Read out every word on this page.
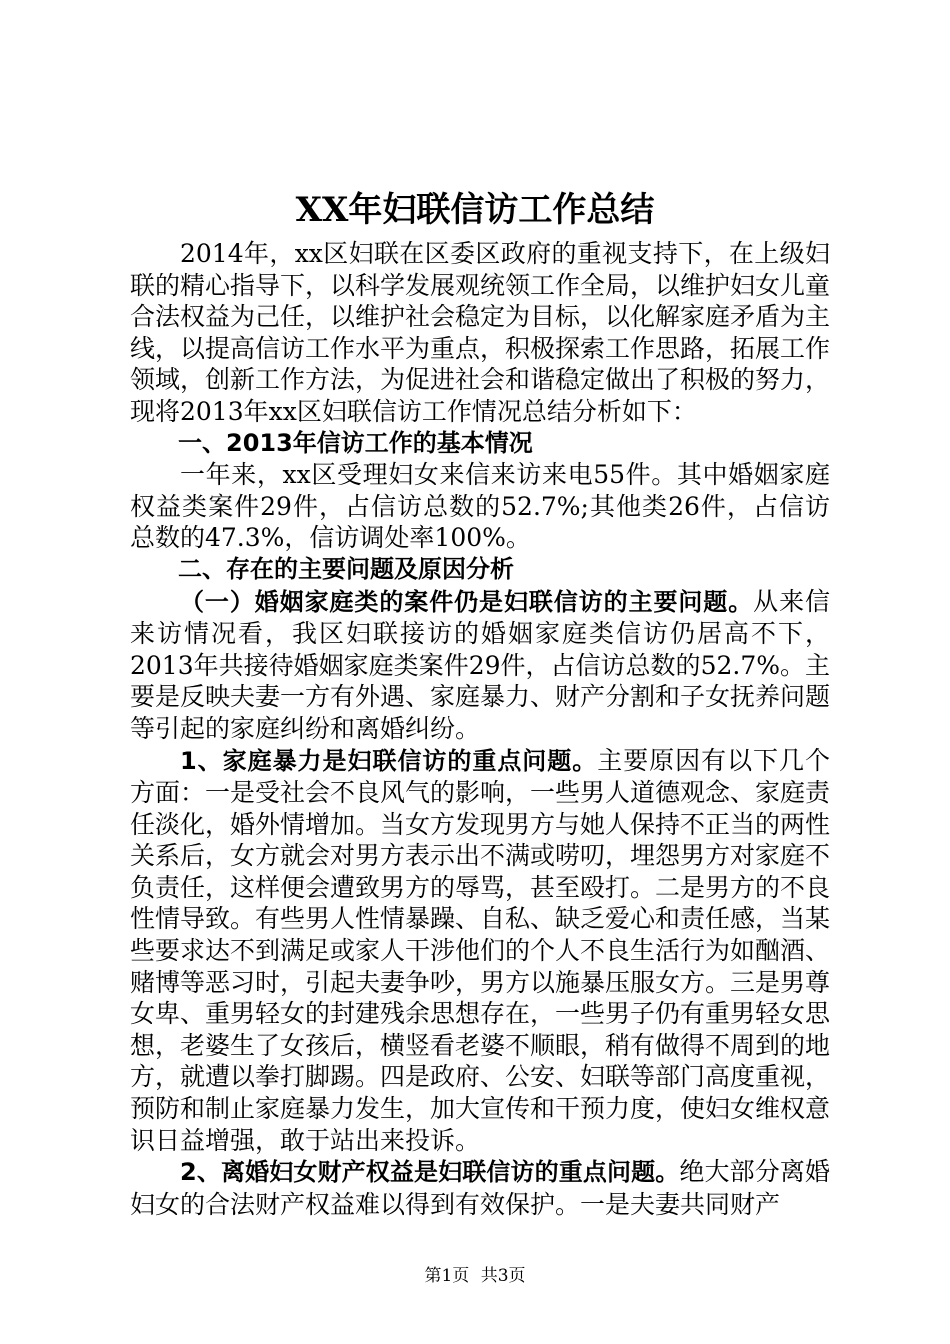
XX年妇联信访工作总结

2014年，xx区妇联在区委区政府的重视支持下，在上级妇联的精心指导下，以科学发展观统领工作全局，以维护妇女儿童合法权益为己任，以维护社会稳定为目标，以化解家庭矛盾为主线，以提高信访工作水平为重点，积极探索工作思路，拓展工作领域，创新工作方法，为促进社会和谐稳定做出了积极的努力，现将2013年xx区妇联信访工作情况总结分析如下：

一、2013年信访工作的基本情况

一年来，xx区受理妇女来信来访来电55件。其中婚姻家庭权益类案件29件，占信访总数的52.7%;其他类26件，占信访总数的47.3%，信访调处率100%。

二、存在的主要问题及原因分析

（一）婚姻家庭类的案件仍是妇联信访的主要问题。从来信来访情况看，我区妇联接访的婚姻家庭类信访仍居高不下，2013年共接待婚姻家庭类案件29件，占信访总数的52.7%。主要是反映夫妻一方有外遇、家庭暴力、财产分割和子女抚养问题等引起的家庭纠纷和离婚纠纷。

1、家庭暴力是妇联信访的重点问题。主要原因有以下几个方面：一是受社会不良风气的影响，一些男人道德观念、家庭责任淡化，婚外情增加。当女方发现男方与她人保持不正当的两性关系后，女方就会对男方表示出不满或唠叨，埋怨男方对家庭不负责任，这样便会遭致男方的辱骂，甚至殴打。二是男方的不良性情导致。有些男人性情暴躁、自私、缺乏爱心和责任感，当某些要求达不到满足或家人干涉他们的个人不良生活行为如酗酒、赌博等恶习时，引起夫妻争吵，男方以施暴压服女方。三是男尊女卑、重男轻女的封建残余思想存在，一些男子仍有重男轻女思想，老婆生了女孩后，横竖看老婆不顺眼，稍有做得不周到的地方，就遭以拳打脚踢。四是政府、公安、妇联等部门高度重视，预防和制止家庭暴力发生，加大宣传和干预力度，使妇女维权意识日益增强，敢于站出来投诉。

2、离婚妇女财产权益是妇联信访的重点问题。绝大部分离婚妇女的合法财产权益难以得到有效保护。一是夫妻共同财产

第1页 共3页
